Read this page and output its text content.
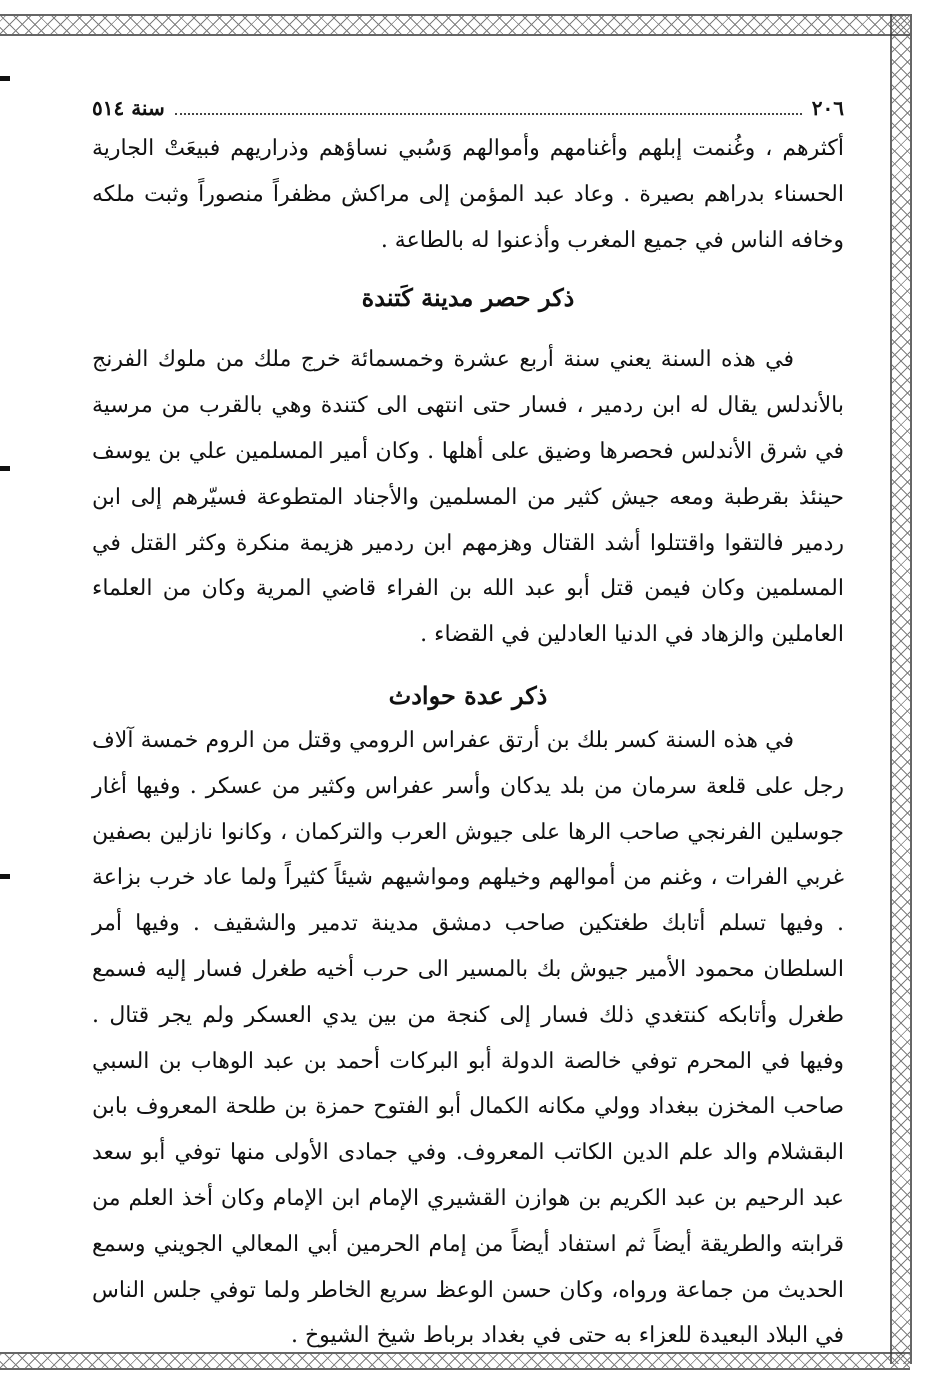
٢٠٦
سنة ٥١٤

أكثرهم ، وغُنمت إبلهم وأغنامهم وأموالهم وَسُبي نساؤهم وذراريهم فبيعَتْ الجارية الحسناء بدراهم بصيرة . وعاد عبد المؤمن إلى مراكش مظفراً منصوراً وثبت ملكه وخافه الناس في جميع المغرب وأذعنوا له بالطاعة .

ذكر حصر مدينة كَتندة

في هذه السنة يعني سنة أربع عشرة وخمسمائة خرج ملك من ملوك الفرنج بالأندلس يقال له ابن ردمير ، فسار حتى انتهى الى كتندة وهي بالقرب من مرسية في شرق الأندلس فحصرها وضيق على أهلها . وكان أمير المسلمين علي بن يوسف حينئذ بقرطبة ومعه جيش كثير من المسلمين والأجناد المتطوعة فسيّرهم إلى ابن ردمير فالتقوا واقتتلوا أشد القتال وهزمهم ابن ردمير هزيمة منكرة وكثر القتل في المسلمين وكان فيمن قتل أبو عبد الله بن الفراء قاضي المرية وكان من العلماء العاملين والزهاد في الدنيا العادلين في القضاء .

ذكر عدة حوادث

في هذه السنة كسر بلك بن أرتق عفراس الرومي وقتل من الروم خمسة آلاف رجل على قلعة سرمان من بلد يدكان وأسر عفراس وكثير من عسكر . وفيها أغار جوسلين الفرنجي صاحب الرها على جيوش العرب والتركمان ، وكانوا نازلين بصفين غربي الفرات ، وغنم من أموالهم وخيلهم ومواشيهم شيئاً كثيراً ولما عاد خرب بزاعة . وفيها تسلم أتابك طغتكين صاحب دمشق مدينة تدمير والشقيف . وفيها أمر السلطان محمود الأمير جيوش بك بالمسير الى حرب أخيه طغرل فسار إليه فسمع طغرل وأتابكه كنتغدي ذلك فسار إلى كنجة من بين يدي العسكر ولم يجر قتال . وفيها في المحرم توفي خالصة الدولة أبو البركات أحمد بن عبد الوهاب بن السبي صاحب المخزن ببغداد وولي مكانه الكمال أبو الفتوح حمزة بن طلحة المعروف بابن البقشلام والد علم الدين الكاتب المعروف. وفي جمادى الأولى منها توفي أبو سعد عبد الرحيم بن عبد الكريم بن هوازن القشيري الإمام ابن الإمام وكان أخذ العلم من قرابته والطريقة أيضاً ثم استفاد أيضاً من إمام الحرمين أبي المعالي الجويني وسمع الحديث من جماعة ورواه، وكان حسن الوعظ سريع الخاطر ولما توفي جلس الناس في البلاد البعيدة للعزاء به حتى في بغداد برباط شيخ الشيوخ .
